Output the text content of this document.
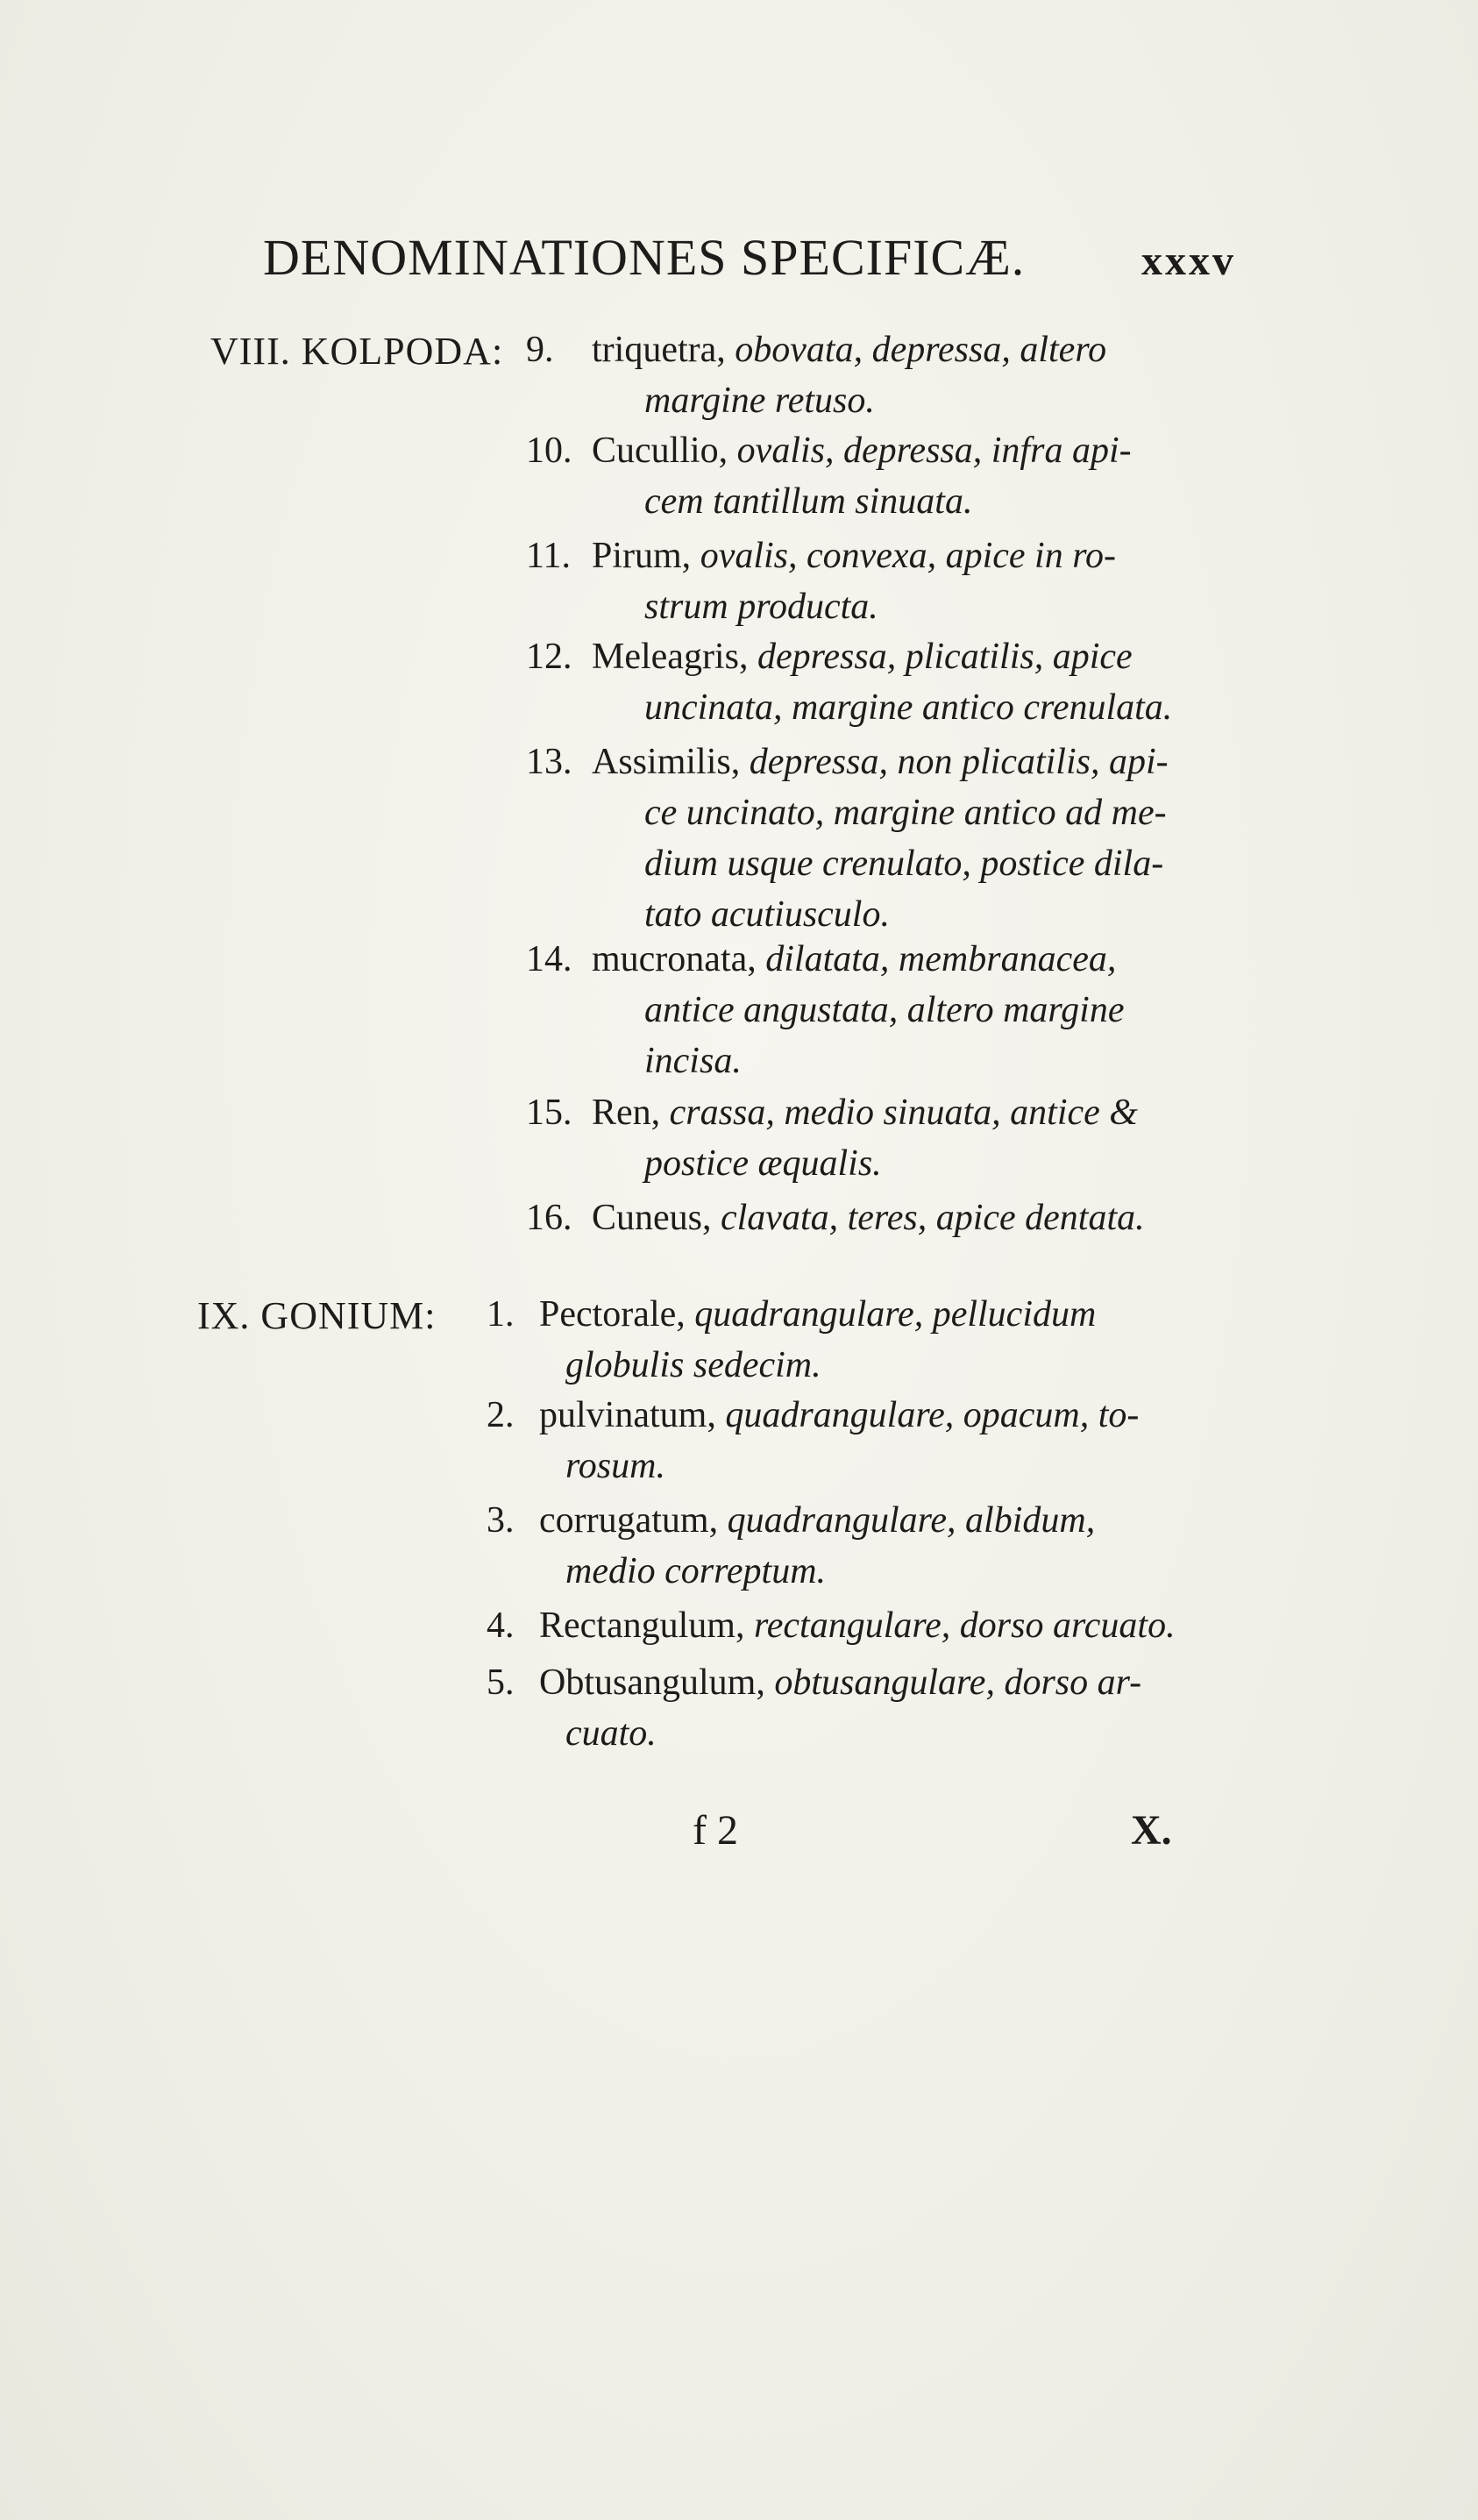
DENOMINATIONES SPECIFICÆ.	xxxv
VIII. KOLPODA: 9. triquetra, obovata, depressa, altero
margine retuso.
10. Cucullio, ovalis, depressa, infra api-
cem tantillum sinuata.
11. Pirum, ovalis, convexa, apice in ro-
strum producta.
12. Meleagris, depressa, plicatilis, apice
uncinata, margine antico crenulata.
13. Assimilis, depressa, non plicatilis, api-
ce uncinato, margine antico ad me-
dium usque crenulato, postice dila-
tato acutiusculo.
14. mucronata, dilatata, membranacea,
antice angustata, altero margine
incisa.
15. Ren, crassa, medio sinuata, antice &
postice æqualis.
16. Cuneus, clavata, teres, apice dentata.
IX. GONIUM: 1. Pectorale, quadrangulare, pellucidum
globulis sedecim.
2. pulvinatum, quadrangulare, opacum, to-
rosum.
3. corrugatum, quadrangulare, albidum,
medio correptum.
4. Rectangulum, rectangulare, dorso arcuato.
5. Obtusangulum, obtusangulare, dorso ar-
cuato.
f 2	X.
